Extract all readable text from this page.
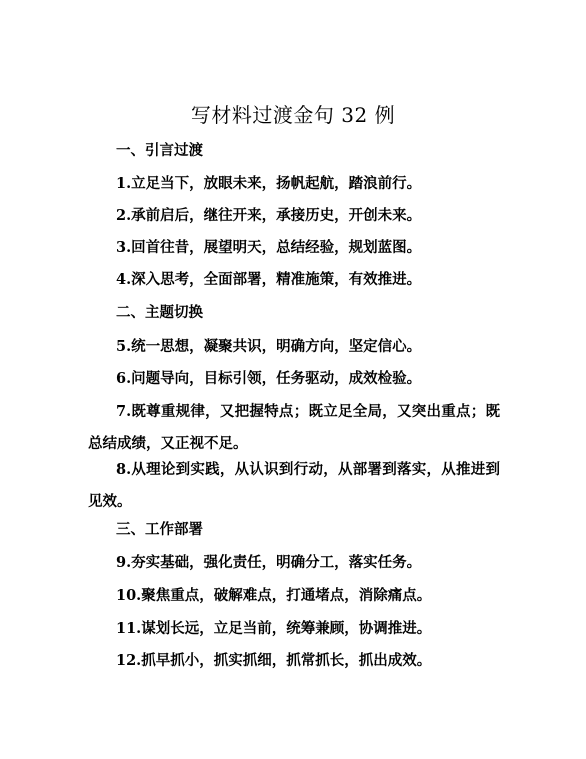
写材料过渡金句 32 例
一、引言过渡
1.立足当下，放眼未来，扬帆起航，踏浪前行。
2.承前启后，继往开来，承接历史，开创未来。
3.回首往昔，展望明天，总结经验，规划蓝图。
4.深入思考，全面部署，精准施策，有效推进。
二、主题切换
5.统一思想，凝聚共识，明确方向，坚定信心。
6.问题导向，目标引领，任务驱动，成效检验。
7.既尊重规律，又把握特点；既立足全局，又突出重点；既总结成绩，又正视不足。
8.从理论到实践，从认识到行动，从部署到落实，从推进到见效。
三、工作部署
9.夯实基础，强化责任，明确分工，落实任务。
10.聚焦重点，破解难点，打通堵点，消除痛点。
11.谋划长远，立足当前，统筹兼顾，协调推进。
12.抓早抓小，抓实抓细，抓常抓长，抓出成效。
